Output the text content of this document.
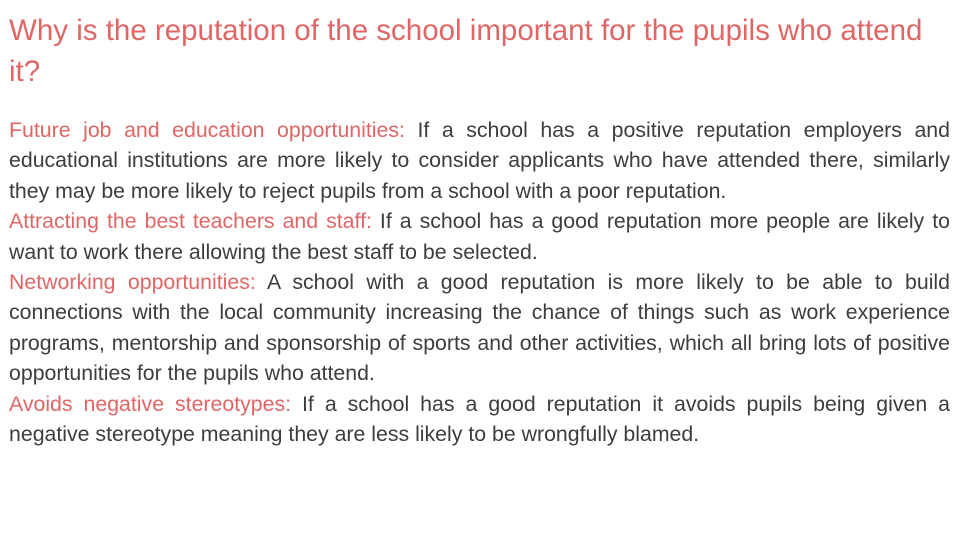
Why is the reputation of the school important for the pupils who attend it?

Future job and education opportunities: If a school has a positive reputation employers and educational institutions are more likely to consider applicants who have attended there, similarly they may be more likely to reject pupils from a school with a poor reputation.

Attracting the best teachers and staff: If a school has a good reputation more people are likely to want to work there allowing the best staff to be selected.

Networking opportunities: A school with a good reputation is more likely to be able to build connections with the local community increasing the chance of things such as work experience programs, mentorship and sponsorship of sports and other activities, which all bring lots of positive opportunities for the pupils who attend.

Avoids negative stereotypes: If a school has a good reputation it avoids pupils being given a negative stereotype meaning they are less likely to be wrongfully blamed.
